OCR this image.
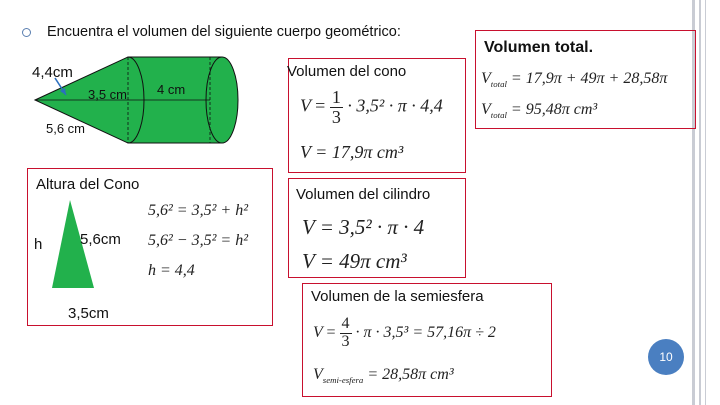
Encuentra el volumen del siguiente cuerpo geométrico:
4,4cm
3,5 cm 4 cm
5,6 cm
Volumen del cono
$V = \frac{1}{3} \cdot 3,5^2 \cdot \pi \cdot 4,4$
V = 17,9π cm³
Volumen total.
$V_{total} = 17,9\pi + 49\pi + 28,58\pi$
$V_{total} = 95,48\pi$ cm³
Altura del Cono
h	5,6cm
3,5cm
5,6² = 3,5² + h²
5,6² − 3,5² = h²
h = 4,4
Volumen del cilindro
V = 3,5² · π · 4
V = 49π cm³
Volumen de la semiesfera
$V = \frac{4}{3} \cdot \pi \cdot 3,5^3 = 57,16\pi \div 2$
$V_{semi-esfera} = 28,58\pi$ cm³
10
